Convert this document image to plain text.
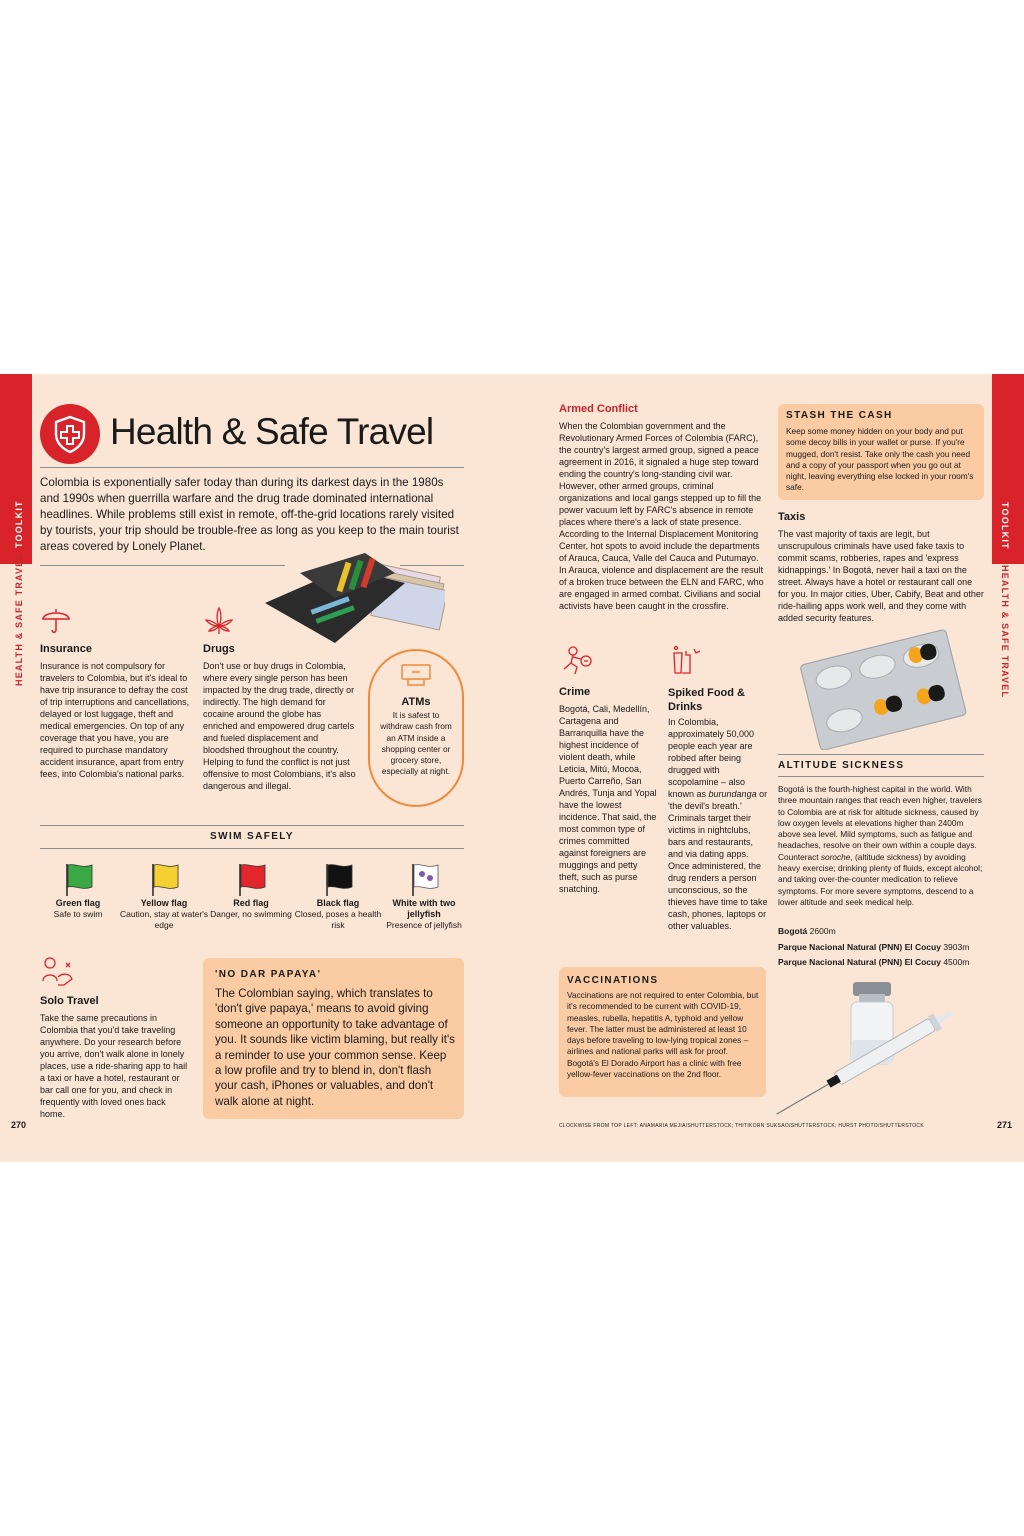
TOOLKIT
HEALTH & SAFE TRAVEL
TOOLKIT
HEALTH & SAFE TRAVEL
Health & Safe Travel
Colombia is exponentially safer today than during its darkest days in the 1980s and 1990s when guerrilla warfare and the drug trade dominated international headlines. While problems still exist in remote, off-the-grid locations rarely visited by tourists, your trip should be trouble-free as long as you keep to the main tourist areas covered by Lonely Planet.
Insurance
Insurance is not compulsory for travelers to Colombia, but it's ideal to have trip insurance to defray the cost of trip interruptions and cancellations, delayed or lost luggage, theft and medical emergencies. On top of any coverage that you have, you are required to purchase mandatory accident insurance, apart from entry fees, into Colombia's national parks.
Drugs
Don't use or buy drugs in Colombia, where every single person has been impacted by the drug trade, directly or indirectly. The high demand for cocaine around the globe has enriched and empowered drug cartels and fueled displacement and bloodshed throughout the country. Helping to fund the conflict is not just offensive to most Colombians, it's also dangerous and illegal.
ATMs
It is safest to withdraw cash from an ATM inside a shopping center or grocery store, especially at night.
SWIM SAFELY
Green flag
Safe to swim
Yellow flag
Caution, stay at water's edge
Red flag
Danger, no swimming
Black flag
Closed, poses a health risk
White with two jellyfish
Presence of jellyfish
Solo Travel
Take the same precautions in Colombia that you'd take traveling anywhere. Do your research before you arrive, don't walk alone in lonely places, use a ride-sharing app to hail a taxi or have a hotel, restaurant or bar call one for you, and check in frequently with loved ones back home.
'NO DAR PAPAYA'
The Colombian saying, which translates to 'don't give papaya,' means to avoid giving someone an opportunity to take advantage of you. It sounds like victim blaming, but really it's a reminder to use your common sense. Keep a low profile and try to blend in, don't flash your cash, iPhones or valuables, and don't walk alone at night.
270
Armed Conflict
When the Colombian government and the Revolutionary Armed Forces of Colombia (FARC), the country's largest armed group, signed a peace agreement in 2016, it signaled a huge step toward ending the country's long-standing civil war. However, other armed groups, criminal organizations and local gangs stepped up to fill the power vacuum left by FARC's absence in remote places where there's a lack of state presence. According to the Internal Displacement Monitoring Center, hot spots to avoid include the departments of Arauca, Cauca, Valle del Cauca and Putumayo. In Arauca, violence and displacement are the result of a broken truce between the ELN and FARC, who are engaged in armed combat. Civilians and social activists have been caught in the crossfire.
Crime
Bogotá, Cali, Medellín, Cartagena and Barranquilla have the highest incidence of violent death, while Leticia, Mitú, Mocoa, Puerto Carreño, San Andrés, Tunja and Yopal have the lowest incidence. That said, the most common type of crimes committed against foreigners are muggings and petty theft, such as purse snatching.
Spiked Food & Drinks
In Colombia, approximately 50,000 people each year are robbed after being drugged with scopolamine – also known as burundanga or 'the devil's breath.' Criminals target their victims in nightclubs, bars and restaurants, and via dating apps. Once administered, the drug renders a person unconscious, so the thieves have time to take cash, phones, laptops or other valuables.
VACCINATIONS
Vaccinations are not required to enter Colombia, but it's recommended to be current with COVID-19, measles, rubella, hepatitis A, typhoid and yellow fever. The latter must be administered at least 10 days before traveling to low-lying tropical zones – airlines and national parks will ask for proof. Bogotá's El Dorado Airport has a clinic with free yellow-fever vaccinations on the 2nd floor.
STASH THE CASH
Keep some money hidden on your body and put some decoy bills in your wallet or purse. If you're mugged, don't resist. Take only the cash you need and a copy of your passport when you go out at night, leaving everything else locked in your room's safe.
Taxis
The vast majority of taxis are legit, but unscrupulous criminals have used fake taxis to commit scams, robberies, rapes and 'express kidnappings.' In Bogotá, never hail a taxi on the street. Always have a hotel or restaurant call one for you. In major cities, Uber, Cabify, Beat and other ride-hailing apps work well, and they come with added security features.
ALTITUDE SICKNESS
Bogotá is the fourth-highest capital in the world. With three mountain ranges that reach even higher, travelers to Colombia are at risk for altitude sickness, caused by low oxygen levels at elevations higher than 2400m above sea level. Mild symptoms, such as fatigue and headaches, resolve on their own within a couple days. Counteract soroche, (altitude sickness) by avoiding heavy exercise; drinking plenty of fluids, except alcohol; and taking over-the-counter medication to relieve symptoms. For more severe symptoms, descend to a lower altitude and seek medical help.
Bogotá 2600m
Parque Nacional Natural (PNN) El Cocuy 3903m
Parque Nacional Natural (PNN) El Cocuy 4500m
CLOCKWISE FROM TOP LEFT: ANAMARIA MEJIA/SHUTTERSTOCK; THITIKORN SUKSAO/SHUTTERSTOCK; HURST PHOTO/SHUTTERSTOCK	271
